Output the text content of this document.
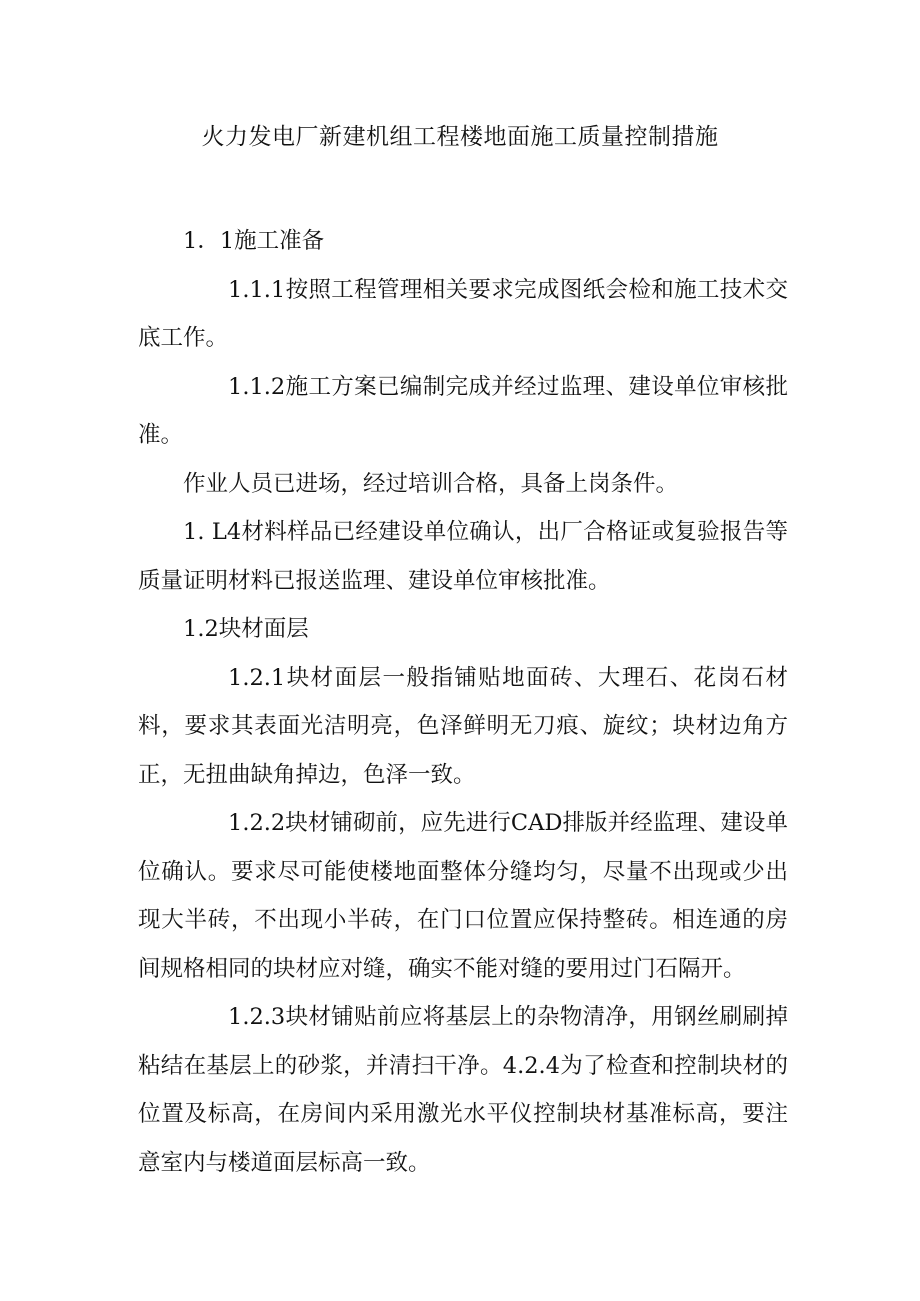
火力发电厂新建机组工程楼地面施工质量控制措施

1．1施工准备

1.1.1按照工程管理相关要求完成图纸会检和施工技术交底工作。

1.1.2施工方案已编制完成并经过监理、建设单位审核批准。

作业人员已进场，经过培训合格，具备上岗条件。

1. L4材料样品已经建设单位确认，出厂合格证或复验报告等质量证明材料已报送监理、建设单位审核批准。

1.2块材面层

1.2.1块材面层一般指铺贴地面砖、大理石、花岗石材料，要求其表面光洁明亮，色泽鲜明无刀痕、旋纹；块材边角方正，无扭曲缺角掉边，色泽一致。

1.2.2块材铺砌前，应先进行CAD排版并经监理、建设单位确认。要求尽可能使楼地面整体分缝均匀，尽量不出现或少出现大半砖，不出现小半砖，在门口位置应保持整砖。相连通的房间规格相同的块材应对缝，确实不能对缝的要用过门石隔开。

1.2.3块材铺贴前应将基层上的杂物清净，用钢丝刷刷掉粘结在基层上的砂浆，并清扫干净。4.2.4为了检查和控制块材的位置及标高，在房间内采用激光水平仪控制块材基准标高，要注意室内与楼道面层标高一致。
